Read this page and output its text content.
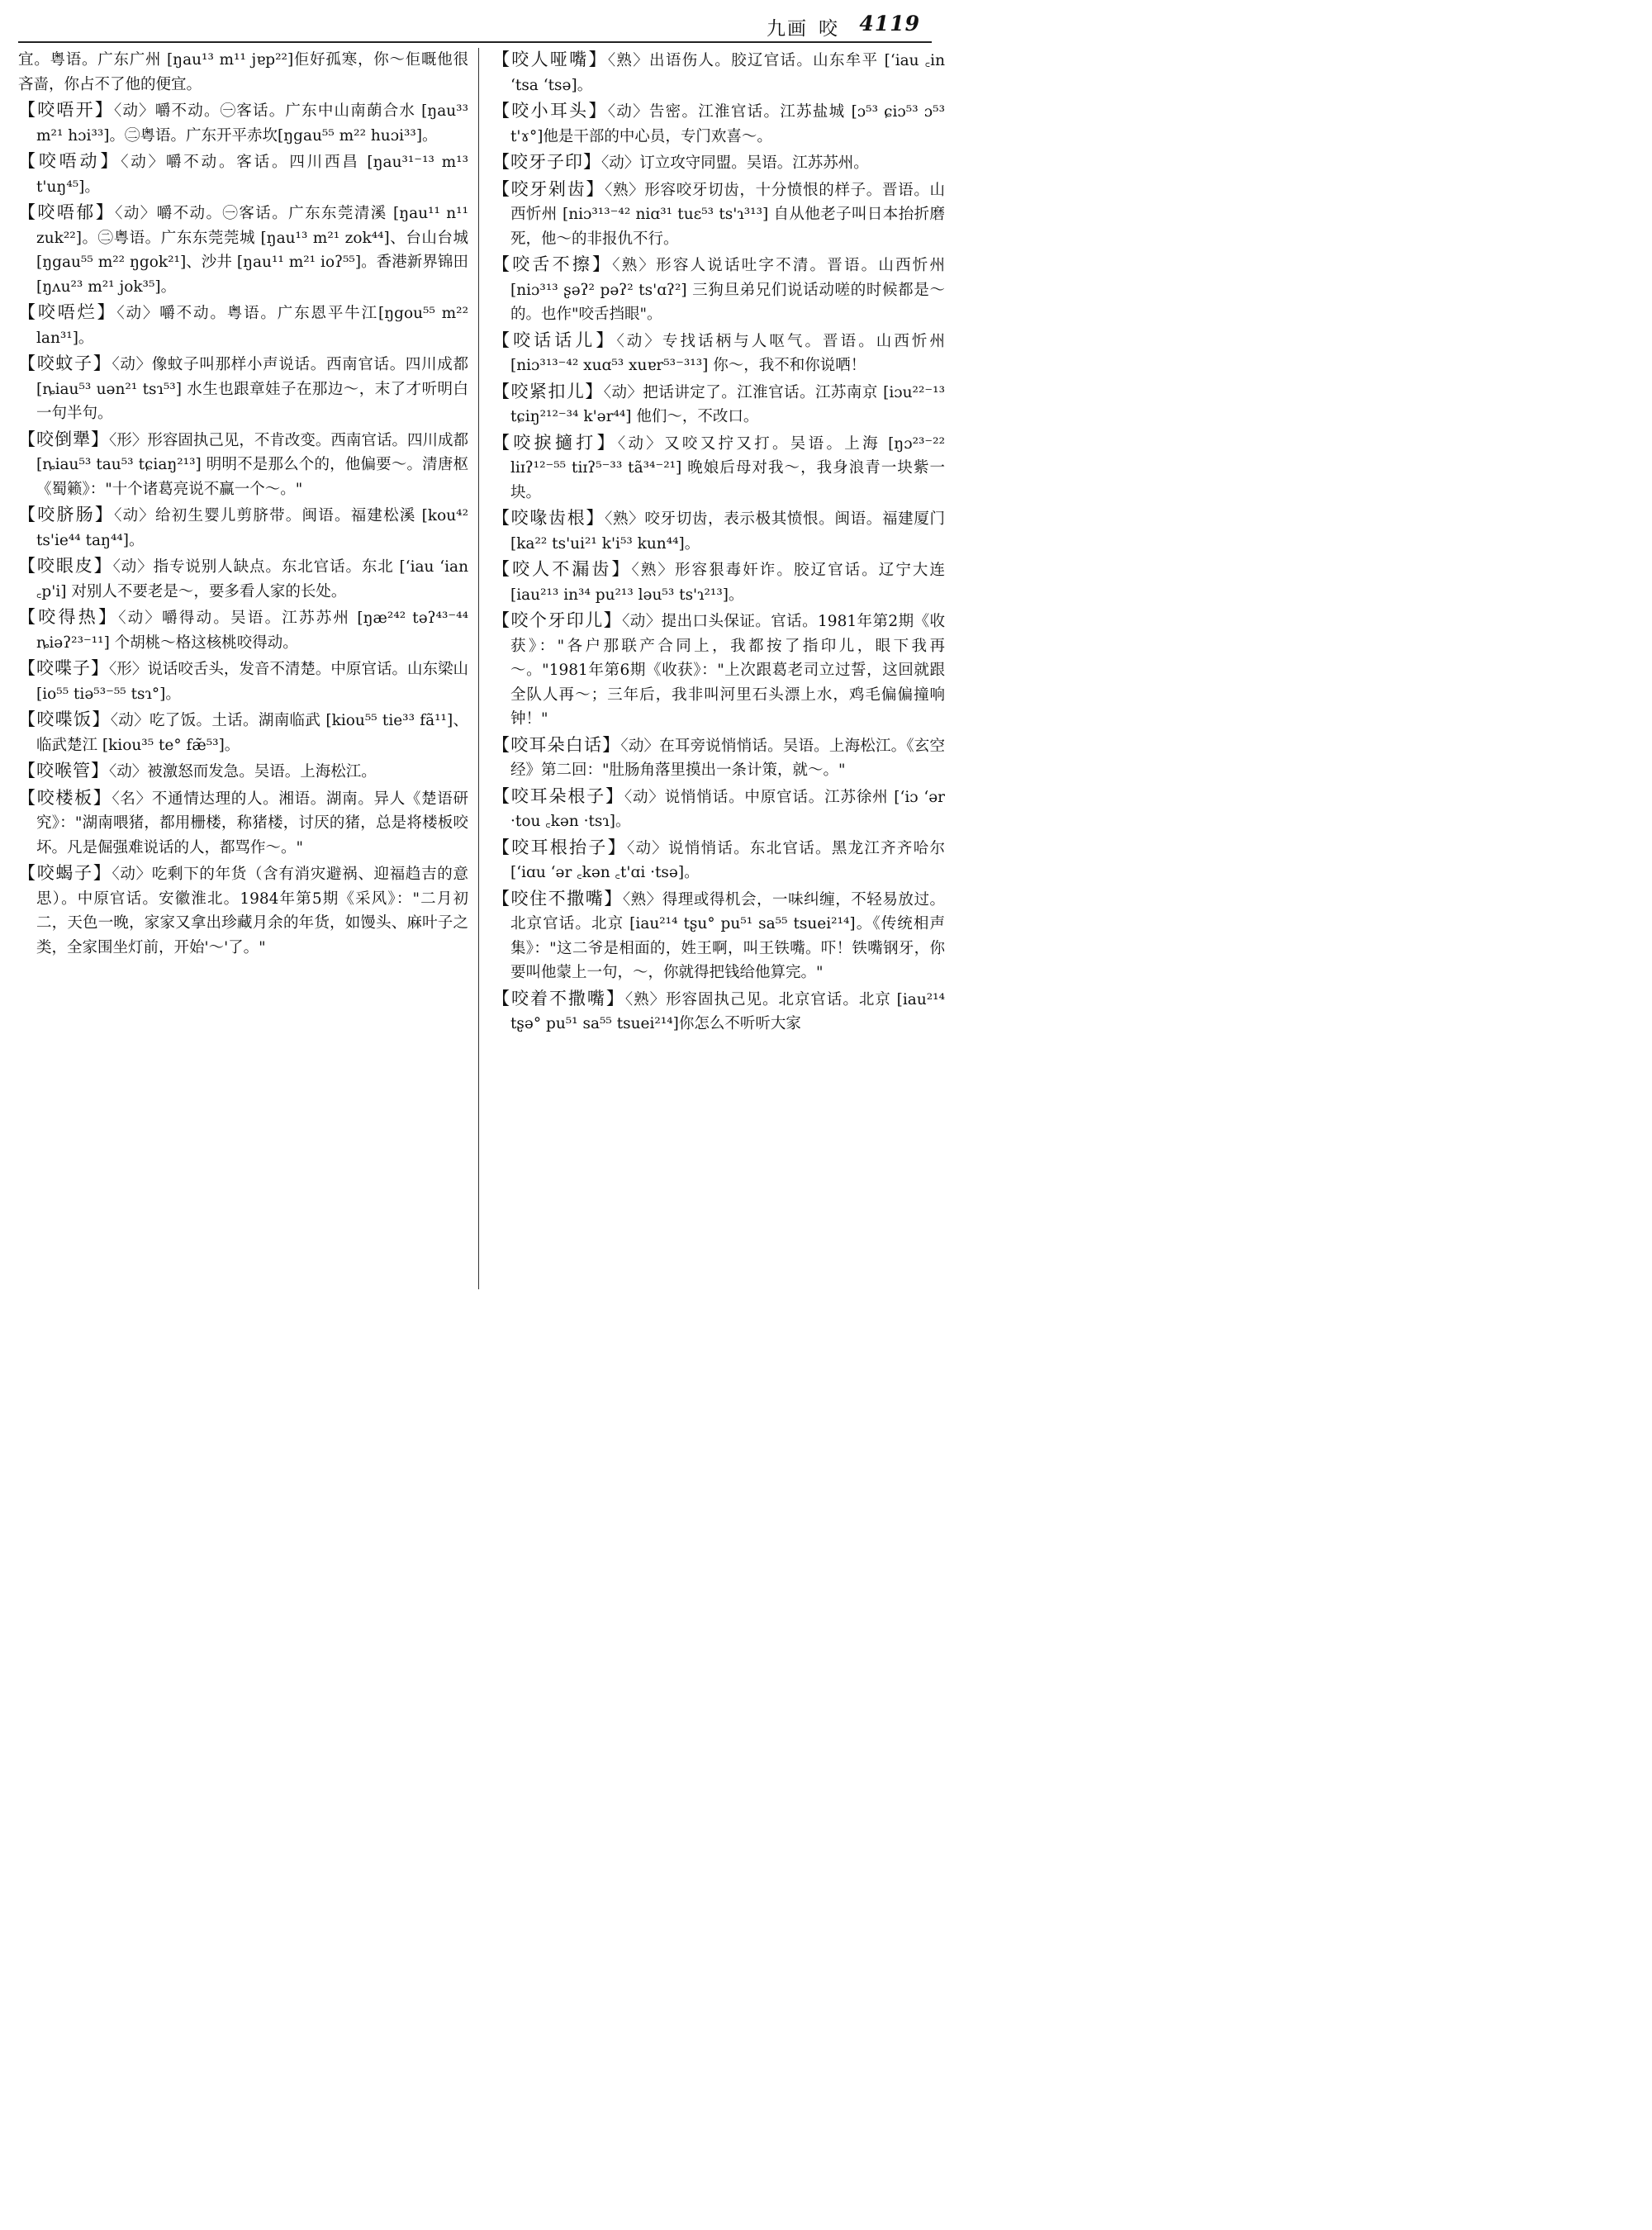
九画 咬 4119
宜。粤语。广东广州 [ŋau¹³ m¹¹ jɐp²²]佢好孤寒，你～佢嘅他很吝啬，你占不了他的便宜。
【咬唔开】〈动〉嚼不动。㊀客话。广东中山南蓢合水 [ŋau³³ m²¹ hɔi³³]。㊁粤语。广东开平赤坎[ŋgau⁵⁵ m²² huɔi³³]。
【咬唔动】〈动〉嚼不动。客话。四川西昌 [ŋau³¹⁻¹³ m¹³ t'uŋ⁴⁵]。
【咬唔郁】〈动〉嚼不动。㊀客话。广东东莞清溪 [ŋau¹¹ n¹¹ zuk²²]。㊁粤语。广东东莞莞城 [ŋau¹³ m²¹ zok⁴⁴]、台山台城 [ŋgau⁵⁵ m²² ŋgok²¹]、沙井 [ŋau¹¹ m²¹ ioʔ⁵⁵]。香港新界锦田[ŋʌu²³ m²¹ jok³⁵]。
【咬唔烂】〈动〉嚼不动。粤语。广东恩平牛江[ŋgou⁵⁵ m²² lan³¹]。
【咬蚊子】〈动〉像蚊子叫那样小声说话。西南官话。四川成都 [ȵiau⁵³ uən²¹ tsɿ⁵³] 水生也跟章娃子在那边～，末了才听明白一句半句。
【咬倒犟】〈形〉形容固执己见，不肯改变。西南官话。四川成都 [ȵiau⁵³ tau⁵³ tɕiaŋ²¹³] 明明不是那么个的，他偏要～。清唐枢《蜀籁》："十个诸葛亮说不赢一个～。"
【咬脐肠】〈动〉给初生婴儿剪脐带。闽语。福建松溪 [kou⁴² ts'ie⁴⁴ taŋ⁴⁴]。
【咬眼皮】〈动〉指专说别人缺点。东北官话。东北 [ʻiau ʻian ꜀p'i] 对别人不要老是～，要多看人家的长处。
【咬得热】〈动〉嚼得动。吴语。江苏苏州 [ŋæ²⁴² təʔ⁴³⁻⁴⁴ ȵiəʔ²³⁻¹¹] 个胡桃～格这核桃咬得动。
【咬喋子】〈形〉说话咬舌头，发音不清楚。中原官话。山东梁山 [io⁵⁵ tiə⁵³⁻⁵⁵ tsɿ°]。
【咬喋饭】〈动〉吃了饭。土话。湖南临武 [kiou⁵⁵ tie³³ fã¹¹]、临武楚江 [kiou³⁵ te° fæ̃⁵³]。
【咬喉管】〈动〉被激怒而发急。吴语。上海松江。
【咬楼板】〈名〉不通情达理的人。湘语。湖南。异人《楚语研究》："湖南喂猪，都用栅楼，称猪楼，讨厌的猪，总是将楼板咬坏。凡是倔强难说话的人，都骂作～。"
【咬蝎子】〈动〉吃剩下的年货（含有消灾避祸、迎福趋吉的意思）。中原官话。安徽淮北。1984年第5期《采风》："二月初二，天色一晚，家家又拿出珍藏月余的年货，如馒头、麻叶子之类，全家围坐灯前，开始'～'了。"
【咬人哑嘴】〈熟〉出语伤人。胶辽官话。山东牟平 [ʻiau ꜀in ʻtsa ʻtsə]。
【咬小耳头】〈动〉告密。江淮官话。江苏盐城 [ɔ⁵³ ɕiɔ⁵³ ɔ⁵³ t'ɤ°]他是干部的中心员，专门欢喜～。
【咬牙子印】〈动〉订立攻守同盟。吴语。江苏苏州。
【咬牙剁齿】〈熟〉形容咬牙切齿，十分愤恨的样子。晋语。山西忻州 [niɔ³¹³⁻⁴² niɑ³¹ tuɛ⁵³ ts'ɿ³¹³] 自从他老子叫日本抬折磨死，他～的非报仇不行。
【咬舌不擦】〈熟〉形容人说话吐字不清。晋语。山西忻州 [niɔ³¹³ ʂəʔ² pəʔ² ts'ɑʔ²] 三狗旦弟兄们说话动嗟的时候都是～的。也作"咬舌挡眼"。
【咬话话儿】〈动〉专找话柄与人呕气。晋语。山西忻州 [niɔ³¹³⁻⁴² xuɑ⁵³ xuɐr⁵³⁻³¹³] 你～，我不和你说哂！
【咬紧扣儿】〈动〉把话讲定了。江淮官话。江苏南京 [iɔu²²⁻¹³ tɕiŋ²¹²⁻³⁴ k'ər⁴⁴] 他们～，不改口。
【咬捩擿打】〈动〉又咬又拧又打。吴语。上海 [ŋɔ²³⁻²² liɪʔ¹²⁻⁵⁵ tiɪʔ⁵⁻³³ tã³⁴⁻²¹] 晚娘后母对我～，我身浪青一块紫一块。
【咬喙齿根】〈熟〉咬牙切齿，表示极其愤恨。闽语。福建厦门 [ka²² ts'ui²¹ k'i⁵³ kun⁴⁴]。
【咬人不漏齿】〈熟〉形容狠毒奸诈。胶辽官话。辽宁大连 [iau²¹³ in³⁴ pu²¹³ ləu⁵³ ts'ɿ²¹³]。
【咬个牙印儿】〈动〉提出口头保证。官话。1981年第2期《收获》："各户那联产合同上，我都按了指印儿，眼下我再～。"1981年第6期《收获》："上次跟葛老司立过誓，这回就跟全队人再～；三年后，我非叫河里石头漂上水，鸡毛偏偏撞响钟！"
【咬耳朵白话】〈动〉在耳旁说悄悄话。吴语。上海松江。《玄空经》第二回："肚肠角落里摸出一条计策，就～。"
【咬耳朵根子】〈动〉说悄悄话。中原官话。江苏徐州 [ʻiɔ ʻər ·tou ꜀kən ·tsɿ]。
【咬耳根抬子】〈动〉说悄悄话。东北官话。黑龙江齐齐哈尔 [ʻiɑu ʻər ꜀kən ꜀t'ɑi ·tsə]。
【咬住不撒嘴】〈熟〉得理或得机会，一味纠缠，不轻易放过。北京官话。北京 [iau²¹⁴ tʂu° pu⁵¹ sa⁵⁵ tsuei²¹⁴]。《传统相声集》："这二爷是相面的，姓王啊，叫王铁嘴。吓！铁嘴钢牙，你要叫他蒙上一句，～，你就得把钱给他算完。"
【咬着不撒嘴】〈熟〉形容固执己见。北京官话。北京 [iau²¹⁴ tʂə° pu⁵¹ sa⁵⁵ tsuei²¹⁴]你怎么不听听大家
